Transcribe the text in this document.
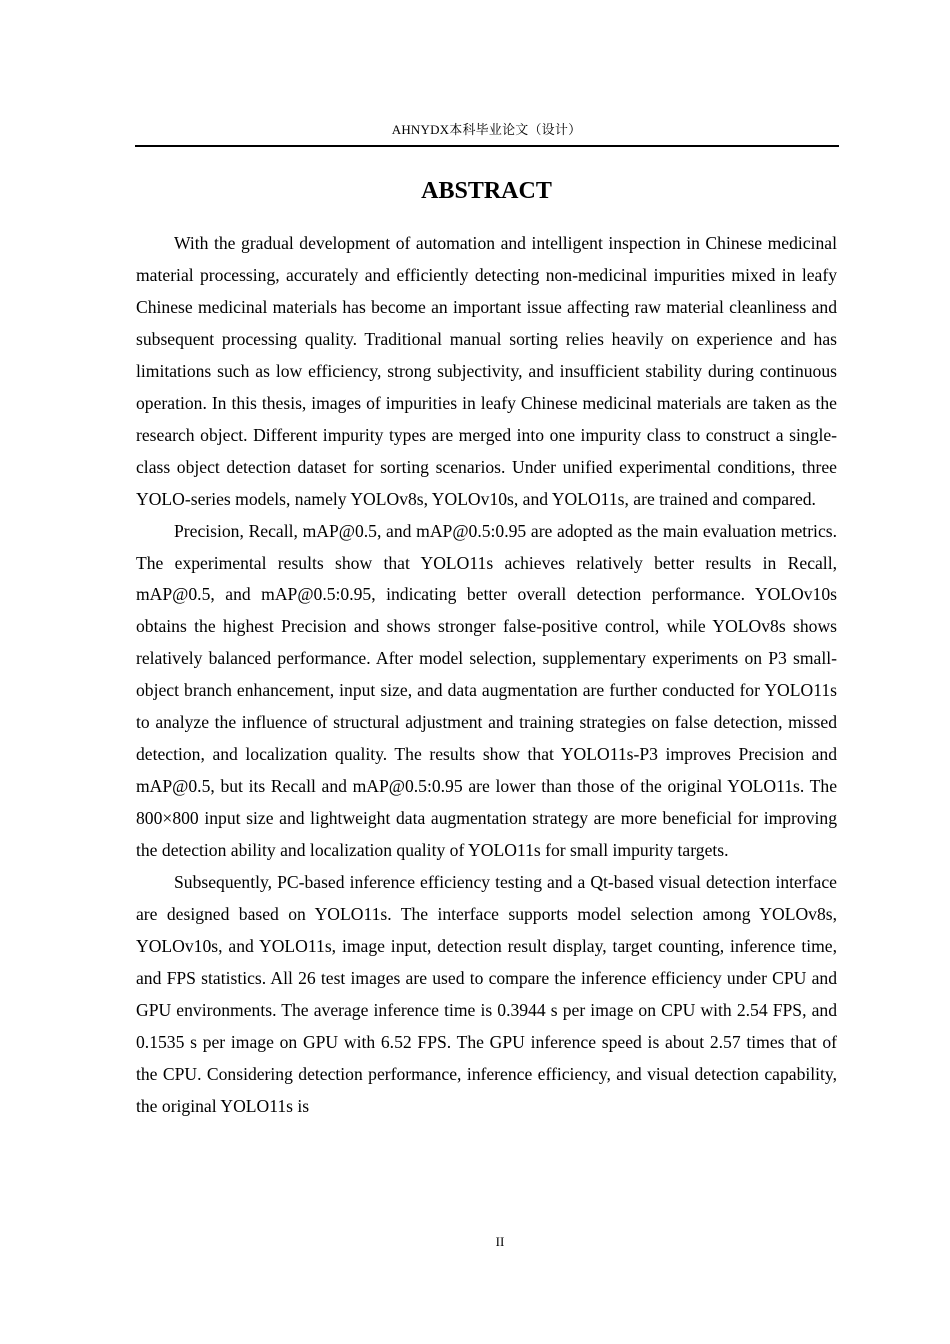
AHNYDX本科毕业论文（设计）
ABSTRACT

With the gradual development of automation and intelligent inspection in Chinese medicinal material processing, accurately and efficiently detecting non-medicinal impurities mixed in leafy Chinese medicinal materials has become an important issue affecting raw material cleanliness and subsequent processing quality. Traditional manual sorting relies heavily on experience and has limitations such as low efficiency, strong subjectivity, and insufficient stability during continuous operation. In this thesis, images of impurities in leafy Chinese medicinal materials are taken as the research object. Different impurity types are merged into one impurity class to construct a single-class object detection dataset for sorting scenarios. Under unified experimental conditions, three YOLO-series models, namely YOLOv8s, YOLOv10s, and YOLO11s, are trained and compared.

Precision, Recall, mAP@0.5, and mAP@0.5:0.95 are adopted as the main evaluation metrics. The experimental results show that YOLO11s achieves relatively better results in Recall, mAP@0.5, and mAP@0.5:0.95, indicating better overall detection performance. YOLOv10s obtains the highest Precision and shows stronger false-positive control, while YOLOv8s shows relatively balanced performance. After model selection, supplementary experiments on P3 small-object branch enhancement, input size, and data augmentation are further conducted for YOLO11s to analyze the influence of structural adjustment and training strategies on false detection, missed detection, and localization quality. The results show that YOLO11s-P3 improves Precision and mAP@0.5, but its Recall and mAP@0.5:0.95 are lower than those of the original YOLO11s. The 800×800 input size and lightweight data augmentation strategy are more beneficial for improving the detection ability and localization quality of YOLO11s for small impurity targets.

Subsequently, PC-based inference efficiency testing and a Qt-based visual detection interface are designed based on YOLO11s. The interface supports model selection among YOLOv8s, YOLOv10s, and YOLO11s, image input, detection result display, target counting, inference time, and FPS statistics. All 26 test images are used to compare the inference efficiency under CPU and GPU environments. The average inference time is 0.3944 s per image on CPU with 2.54 FPS, and 0.1535 s per image on GPU with 6.52 FPS. The GPU inference speed is about 2.57 times that of the CPU. Considering detection performance, inference efficiency, and visual detection capability, the original YOLO11s is

II
